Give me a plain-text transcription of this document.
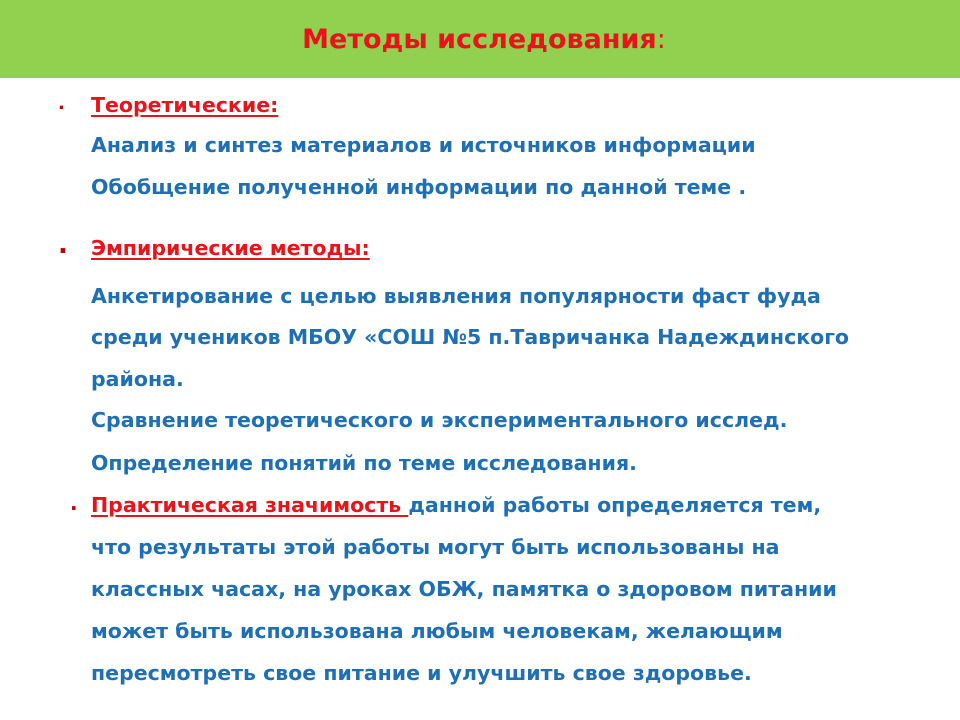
Методы исследования:
. Теоретические:
Анализ и синтез материалов и источников информации
Обобщение полученной информации по данной теме .
. Эмпирические методы:
Анкетирование с целью выявления популярности фаст фуда
среди учеников МБОУ «СОШ №5 п.Тавричанка Надеждинского
района.
Сравнение теоретического и экспериментального исслед.
Определение понятий по теме исследования.
. Практическая значимость данной работы определяется тем,
что результаты этой работы могут быть использованы на
классных часах, на уроках ОБЖ, памятка о здоровом питании
может быть использована любым человекам, желающим
пересмотреть свое питание и улучшить свое здоровье.
